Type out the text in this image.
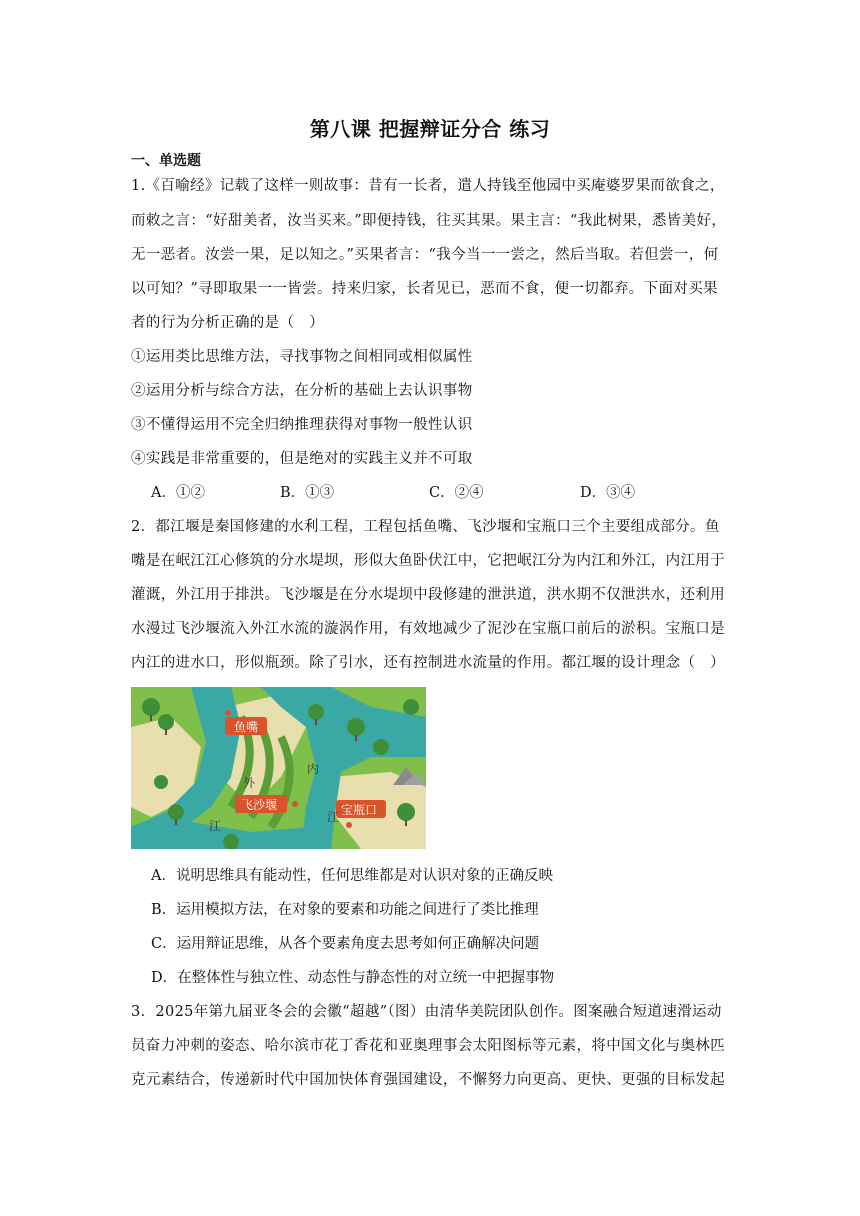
第八课 把握辩证分合 练习
一、单选题
1.《百喻经》记载了这样一则故事：昔有一长者，遣人持钱至他园中买庵婆罗果而欲食之，
而敕之言：“好甜美者，汝当买来。”即便持钱，往买其果。果主言：“我此树果，悉皆美好，
无一恶者。汝尝一果，足以知之。”买果者言：“我今当一一尝之，然后当取。若但尝一，何
以可知？”寻即取果一一皆尝。持来归家，长者见已，恶而不食，便一切都弃。下面对买果
者的行为分析正确的是（　）
①运用类比思维方法，寻找事物之间相同或相似属性
②运用分析与综合方法，在分析的基础上去认识事物
③不懂得运用不完全归纳推理获得对事物一般性认识
④实践是非常重要的，但是绝对的实践主义并不可取
A．①②	B．①③	C．②④	D．③④
2．都江堰是秦国修建的水利工程，工程包括鱼嘴、飞沙堰和宝瓶口三个主要组成部分。鱼
嘴是在岷江江心修筑的分水堤坝，形似大鱼卧伏江中，它把岷江分为内江和外江，内江用于
灌溉，外江用于排洪。飞沙堰是在分水堤坝中段修建的泄洪道，洪水期不仅泄洪水，还利用
水漫过飞沙堰流入外江水流的漩涡作用，有效地减少了泥沙在宝瓶口前后的淤积。宝瓶口是
内江的进水口，形似瓶颈。除了引水，还有控制进水流量的作用。都江堰的设计理念（　）
鱼嘴
飞沙堰	宝瓶口
外
江
内
江
A．说明思维具有能动性，任何思维都是对认识对象的正确反映
B．运用模拟方法，在对象的要素和功能之间进行了类比推理
C．运用辩证思维，从各个要素角度去思考如何正确解决问题
D．在整体性与独立性、动态性与静态性的对立统一中把握事物
3．2025年第九届亚冬会的会徽“超越”（图）由清华美院团队创作。图案融合短道速滑运动
员奋力冲刺的姿态、哈尔滨市花丁香花和亚奥理事会太阳图标等元素，将中国文化与奥林匹
克元素结合，传递新时代中国加快体育强国建设，不懈努力向更高、更快、更强的目标发起
